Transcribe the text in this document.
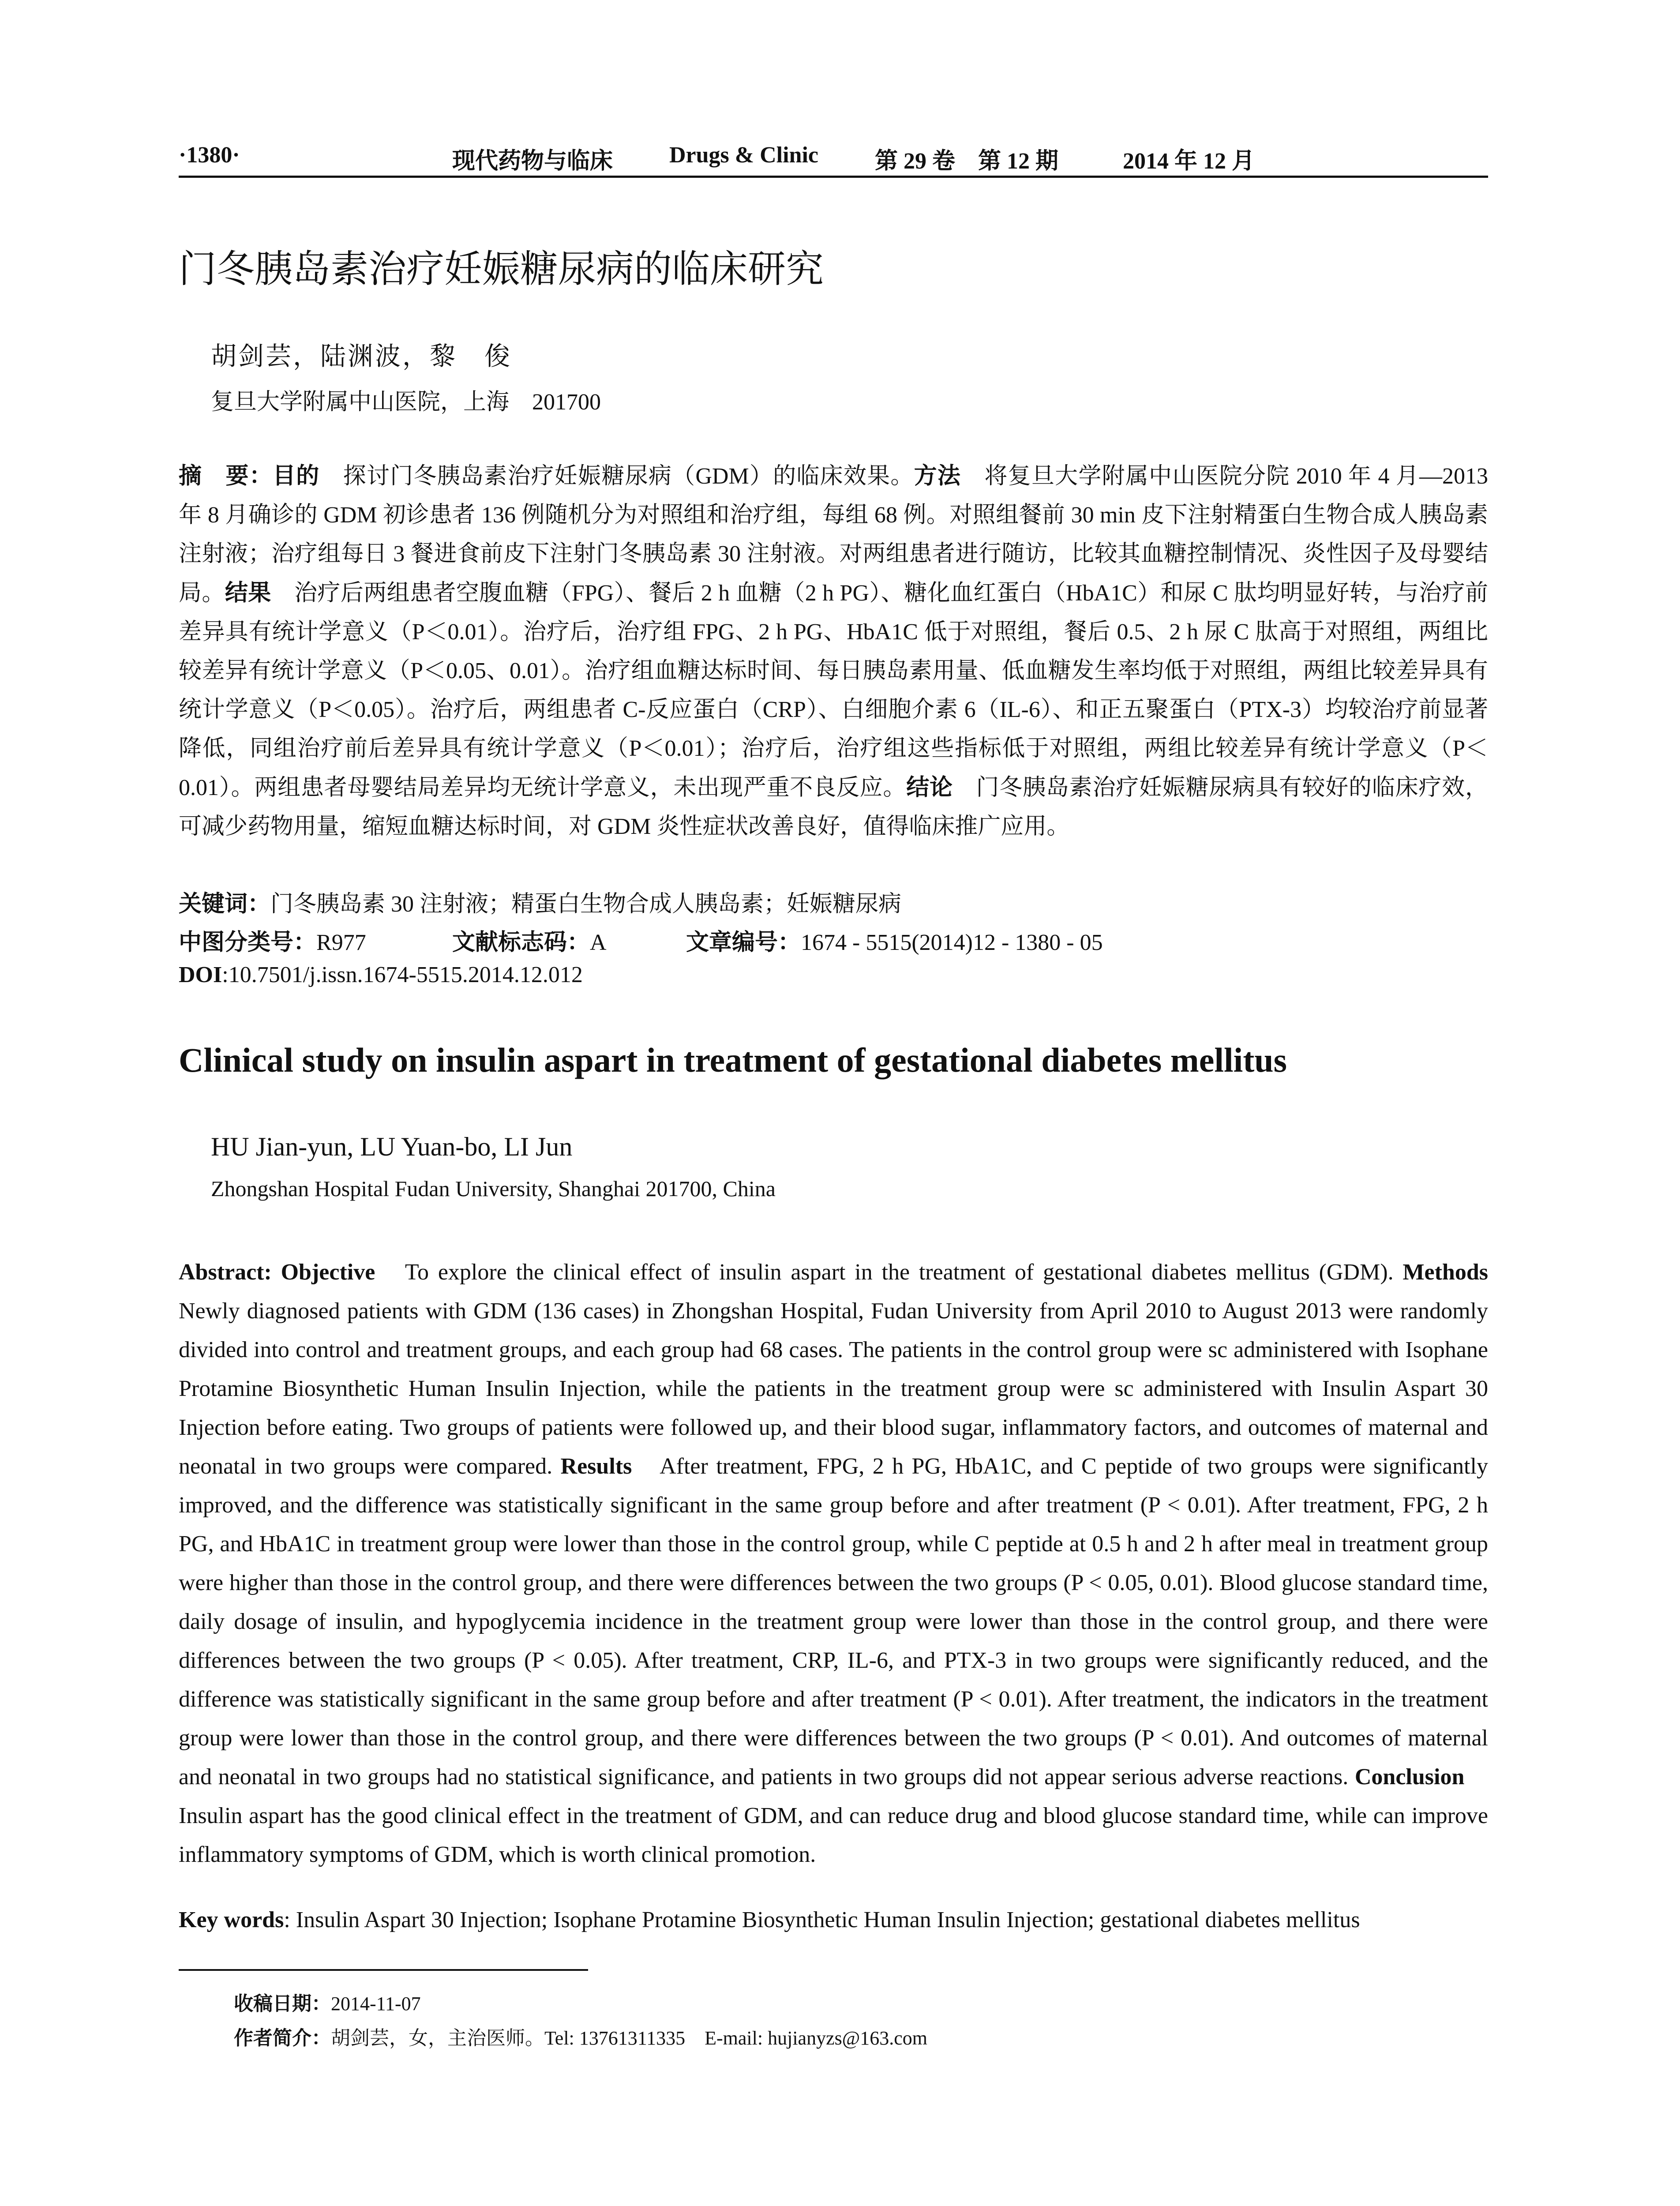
·1380·	现代药物与临床 Drugs & Clinic 第 29 卷　第 12 期	2014 年 12 月
门冬胰岛素治疗妊娠糖尿病的临床研究
胡剑芸，陆渊波，黎　俊
复旦大学附属中山医院，上海　201700
摘　要：目的　探讨门冬胰岛素治疗妊娠糖尿病（GDM）的临床效果。方法　将复旦大学附属中山医院分院 2010 年 4 月—2013 年 8 月确诊的 GDM 初诊患者 136 例随机分为对照组和治疗组，每组 68 例。对照组餐前 30 min 皮下注射精蛋白生物合成人胰岛素注射液；治疗组每日 3 餐进食前皮下注射门冬胰岛素 30 注射液。对两组患者进行随访，比较其血糖控制情况、炎性因子及母婴结局。结果　治疗后两组患者空腹血糖（FPG）、餐后 2 h 血糖（2 h PG）、糖化血红蛋白（HbA1C）和尿 C 肽均明显好转，与治疗前差异具有统计学意义（P＜0.01）。治疗后，治疗组 FPG、2 h PG、HbA1C 低于对照组，餐后 0.5、2 h 尿 C 肽高于对照组，两组比较差异有统计学意义（P＜0.05、0.01）。治疗组血糖达标时间、每日胰岛素用量、低血糖发生率均低于对照组，两组比较差异具有统计学意义（P＜0.05）。治疗后，两组患者 C-反应蛋白（CRP）、白细胞介素 6（IL-6）、和正五聚蛋白（PTX-3）均较治疗前显著降低，同组治疗前后差异具有统计学意义（P＜0.01）；治疗后，治疗组这些指标低于对照组，两组比较差异有统计学意义（P＜0.01）。两组患者母婴结局差异均无统计学意义，未出现严重不良反应。结论　门冬胰岛素治疗妊娠糖尿病具有较好的临床疗效，可减少药物用量，缩短血糖达标时间，对 GDM 炎性症状改善良好，值得临床推广应用。
关键词：门冬胰岛素 30 注射液；精蛋白生物合成人胰岛素；妊娠糖尿病
中图分类号：R977	文献标志码：A	文章编号：1674 - 5515(2014)12 - 1380 - 05
DOI:10.7501/j.issn.1674-5515.2014.12.012
Clinical study on insulin aspart in treatment of gestational diabetes mellitus
HU Jian-yun, LU Yuan-bo, LI Jun
Zhongshan Hospital Fudan University, Shanghai 201700, China
Abstract: Objective　To explore the clinical effect of insulin aspart in the treatment of gestational diabetes mellitus (GDM). Methods Newly diagnosed patients with GDM (136 cases) in Zhongshan Hospital, Fudan University from April 2010 to August 2013 were randomly divided into control and treatment groups, and each group had 68 cases. The patients in the control group were sc administered with Isophane Protamine Biosynthetic Human Insulin Injection, while the patients in the treatment group were sc administered with Insulin Aspart 30 Injection before eating. Two groups of patients were followed up, and their blood sugar, inflammatory factors, and outcomes of maternal and neonatal in two groups were compared. Results　After treatment, FPG, 2 h PG, HbA1C, and C peptide of two groups were significantly improved, and the difference was statistically significant in the same group before and after treatment (P < 0.01). After treatment, FPG, 2 h PG, and HbA1C in treatment group were lower than those in the control group, while C peptide at 0.5 h and 2 h after meal in treatment group were higher than those in the control group, and there were differences between the two groups (P < 0.05, 0.01). Blood glucose standard time, daily dosage of insulin, and hypoglycemia incidence in the treatment group were lower than those in the control group, and there were differences between the two groups (P < 0.05). After treatment, CRP, IL-6, and PTX-3 in two groups were significantly reduced, and the difference was statistically significant in the same group before and after treatment (P < 0.01). After treatment, the indicators in the treatment group were lower than those in the control group, and there were differences between the two groups (P < 0.01). And outcomes of maternal and neonatal in two groups had no statistical significance, and patients in two groups did not appear serious adverse reactions. Conclusion　Insulin aspart has the good clinical effect in the treatment of GDM, and can reduce drug and blood glucose standard time, while can improve inflammatory symptoms of GDM, which is worth clinical promotion.
Key words: Insulin Aspart 30 Injection; Isophane Protamine Biosynthetic Human Insulin Injection; gestational diabetes mellitus
收稿日期：2014-11-07
作者简介：胡剑芸，女，主治医师。Tel: 13761311335　E-mail: hujianyzs@163.com
